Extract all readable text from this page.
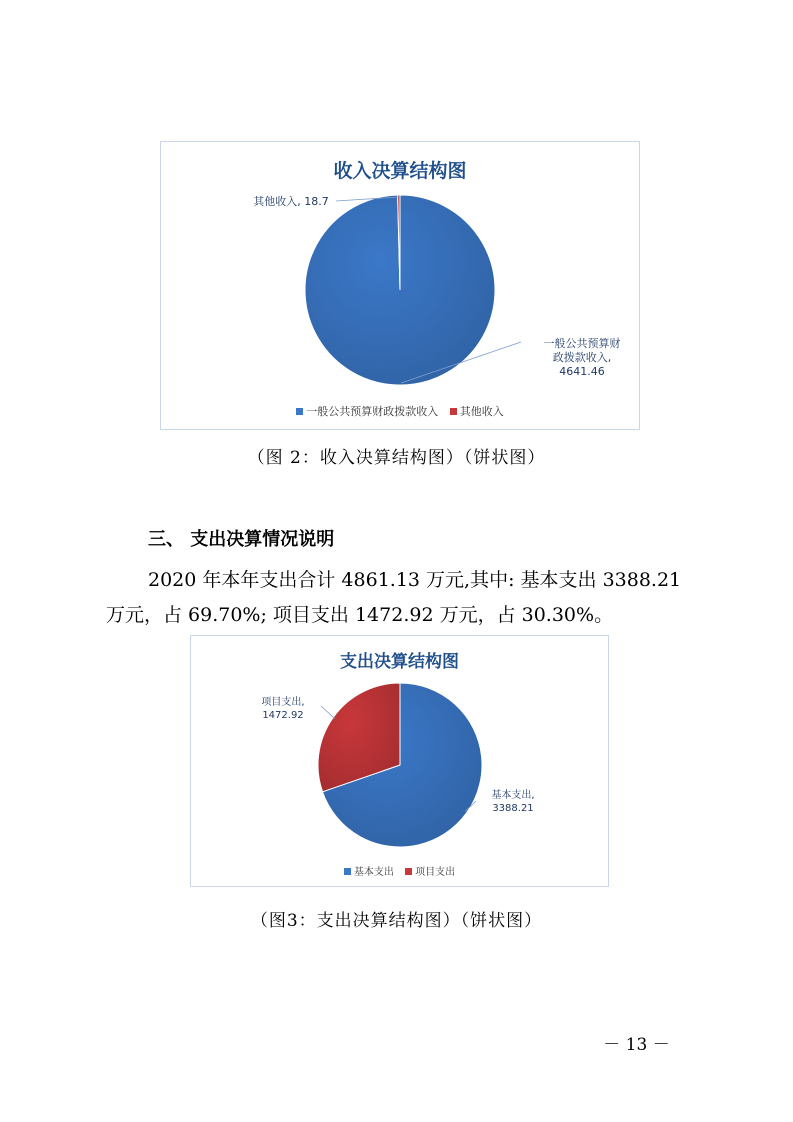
收入决算结构图
一般公共预算财政拨款收入, 4641.46
其他收入, 18.7
一般公共预算财政拨款收入 其他收入
（图 2：收入决算结构图）（饼状图）
三、 支出决算情况说明
2020 年本年支出合计 4861.13 万元,其中: 基本支出 3388.21
万元，占 69.70%; 项目支出 1472.92 万元，占 30.30%。
支出决算结构图
基本支出, 3388.21
项目支出, 1472.92
基本支出 项目支出
（图3：支出决算结构图）（饼状图）
－ 13 －
